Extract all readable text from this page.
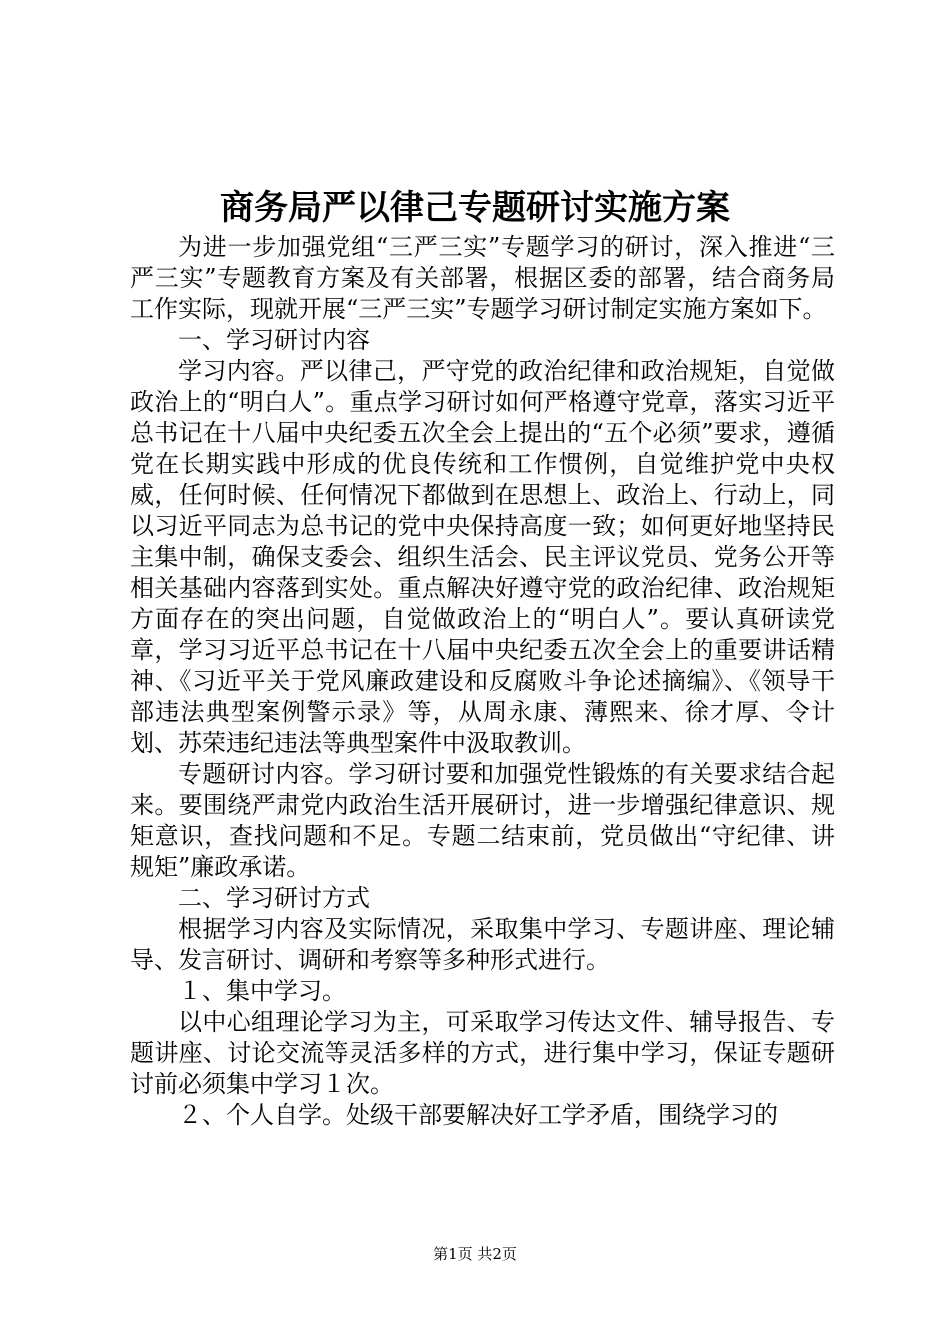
商务局严以律己专题研讨实施方案

为进一步加强党组“三严三实”专题学习的研讨，深入推进“三严三实”专题教育方案及有关部署，根据区委的部署，结合商务局工作实际，现就开展“三严三实”专题学习研讨制定实施方案如下。

一、学习研讨内容

学习内容。严以律己，严守党的政治纪律和政治规矩，自觉做政治上的“明白人”。重点学习研讨如何严格遵守党章，落实习近平总书记在十八届中央纪委五次全会上提出的“五个必须”要求，遵循党在长期实践中形成的优良传统和工作惯例，自觉维护党中央权威，任何时候、任何情况下都做到在思想上、政治上、行动上，同以习近平同志为总书记的党中央保持高度一致；如何更好地坚持民主集中制，确保支委会、组织生活会、民主评议党员、党务公开等相关基础内容落到实处。重点解决好遵守党的政治纪律、政治规矩方面存在的突出问题，自觉做政治上的“明白人”。要认真研读党章，学习习近平总书记在十八届中央纪委五次全会上的重要讲话精神、《习近平关于党风廉政建设和反腐败斗争论述摘编》、《领导干部违法典型案例警示录》等，从周永康、薄熙来、徐才厚、令计划、苏荣违纪违法等典型案件中汲取教训。

专题研讨内容。学习研讨要和加强党性锻炼的有关要求结合起来。要围绕严肃党内政治生活开展研讨，进一步增强纪律意识、规矩意识，查找问题和不足。专题二结束前，党员做出“守纪律、讲规矩”廉政承诺。

二、学习研讨方式

根据学习内容及实际情况，采取集中学习、专题讲座、理论辅导、发言研讨、调研和考察等多种形式进行。

１、集中学习。

以中心组理论学习为主，可采取学习传达文件、辅导报告、专题讲座、讨论交流等灵活多样的方式，进行集中学习，保证专题研讨前必须集中学习１次。

２、个人自学。处级干部要解决好工学矛盾，围绕学习的

第1页 共2页
